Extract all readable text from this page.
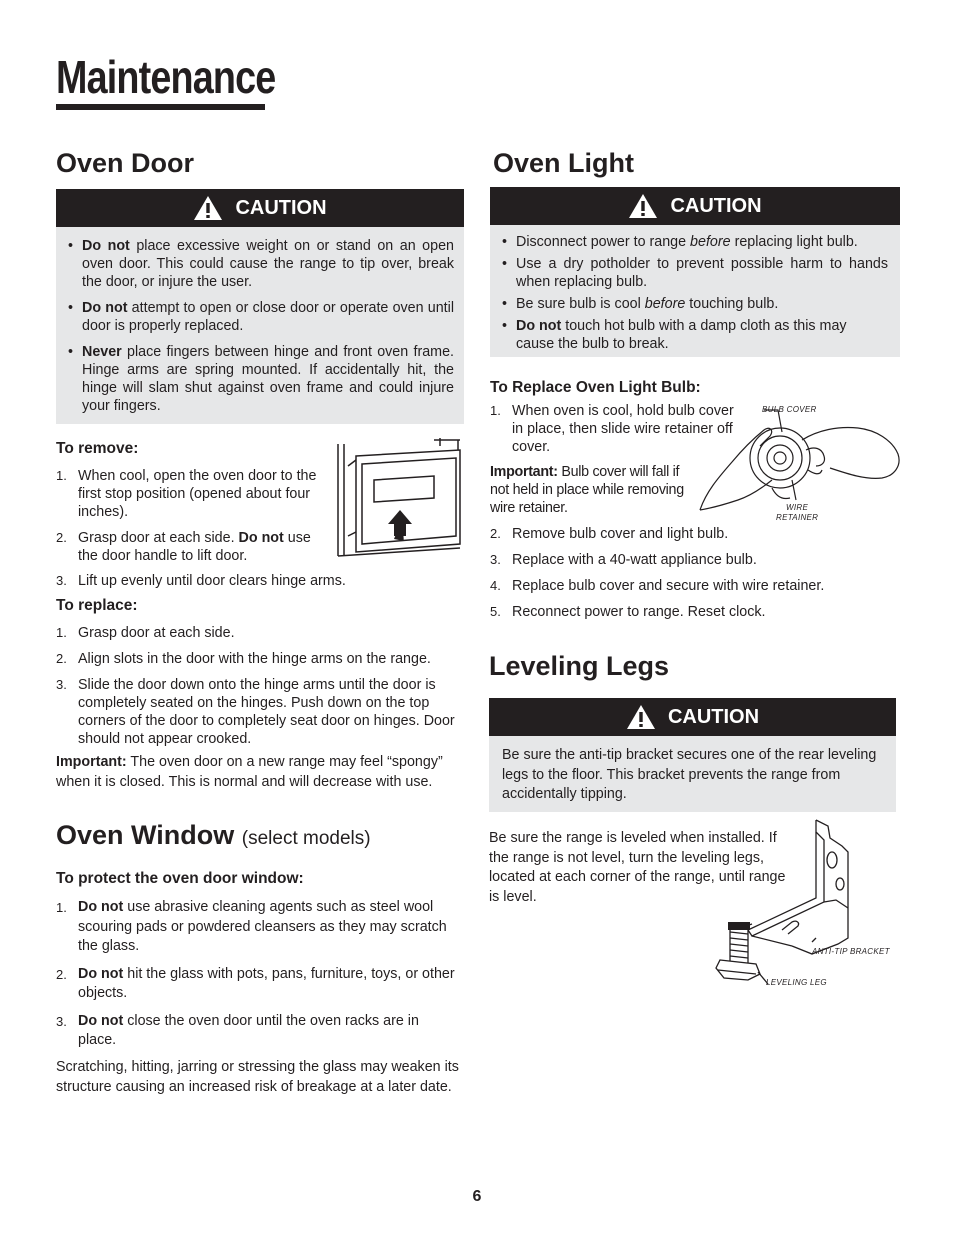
Maintenance
Oven Door
CAUTION
• Do not place excessive weight on or stand on an open oven door. This could cause the range to tip over, break the door, or injure the user.
• Do not attempt to open or close door or operate oven until door is properly replaced.
• Never place fingers between hinge and front oven frame. Hinge arms are spring mounted. If accidentally hit, the hinge will slam shut against oven frame and could injure your fingers.
To remove:
1. When cool, open the oven door to the first stop position (opened about four inches).
2. Grasp door at each side. Do not use the door handle to lift door.
3. Lift up evenly until door clears hinge arms.
To replace:
1. Grasp door at each side.
2. Align slots in the door with the hinge arms on the range.
3. Slide the door down onto the hinge arms until the door is completely seated on the hinges. Push down on the top corners of the door to completely seat door on hinges. Door should not appear crooked.

Important: The oven door on a new range may feel “spongy” when it is closed. This is normal and will decrease with use.

Oven Window (select models)
To protect the oven door window:
1. Do not use abrasive cleaning agents such as steel wool scouring pads or powdered cleansers as they may scratch the glass.
2. Do not hit the glass with pots, pans, furniture, toys, or other objects.
3. Do not close the oven door until the oven racks are in place.

Scratching, hitting, jarring or stressing the glass may weaken its structure causing an increased risk of breakage at a later date.

Oven Light
CAUTION
• Disconnect power to range before replacing light bulb.
• Use a dry potholder to prevent possible harm to hands when replacing bulb.
• Be sure bulb is cool before touching bulb.
• Do not touch hot bulb with a damp cloth as this may cause the bulb to break.
To Replace Oven Light Bulb:
1. When oven is cool, hold bulb cover in place, then slide wire retainer off cover.

Important: Bulb cover will fall if not held in place while removing wire retainer.

BULB COVER
WIRE
RETAINER
2. Remove bulb cover and light bulb.
3. Replace with a 40-watt appliance bulb.
4. Replace bulb cover and secure with wire retainer.
5. Reconnect power to range. Reset clock.
Leveling Legs
CAUTION
Be sure the anti-tip bracket secures one of the rear leveling legs to the floor. This bracket prevents the range from accidentally tipping.

Be sure the range is leveled when installed. If the range is not level, turn the leveling legs, located at each corner of the range, until range is level.

ANTI-TIP BRACKET
LEVELING LEG
6
